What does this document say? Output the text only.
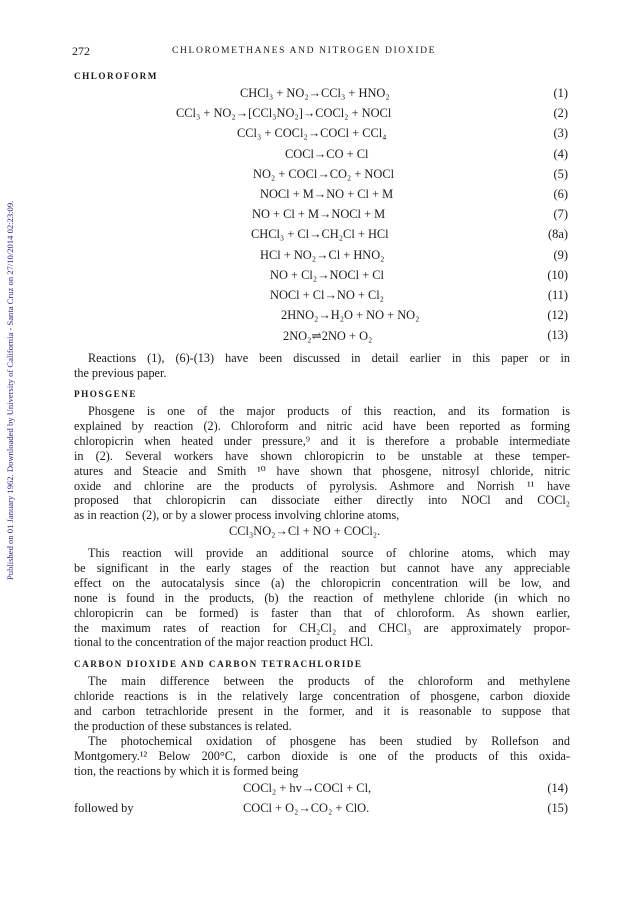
Published on 01 January 1962. Downloaded by University of California - Santa Cruz on 27/10/2014 02:23:09.
272	CHLOROMETHANES AND NITROGEN DIOXIDE
CHLOROFORM
CHCl₃ + NO₂→CCl₃ + HNO₂	(1)
CCl₃ + NO₂→[CCl₃NO₂]→COCl₂ + NOCl	(2)
CCl₃ + COCl₂→COCl + CCl₄	(3)
COCl→CO + Cl	(4)
NO₂ + COCl→CO₂ + NOCl	(5)
NOCl + M→NO + Cl + M	(6)
NO + Cl + M→NOCl + M	(7)
CHCl₃ + Cl→CH₂Cl + HCl	(8a)
HCl + NO₂→Cl + HNO₂	(9)
NO + Cl₂→NOCl + Cl	(10)
NOCl + Cl→NO + Cl₂	(11)
2HNO₂→H₂O + NO + NO₂	(12)
2NO₂⇌2NO + O₂	(13)
Reactions (1), (6)-(13) have been discussed in detail earlier in this paper or in
the previous paper.
PHOSGENE
Phosgene is one of the major products of this reaction, and its formation is
explained by reaction (2). Chloroform and nitric acid have been reported as forming
chloropicrin when heated under pressure,⁹ and it is therefore a probable intermediate
in (2). Several workers have shown chloropicrin to be unstable at these temper-
atures and Steacie and Smith ¹⁰ have shown that phosgene, nitrosyl chloride, nitric
oxide and chlorine are the products of pyrolysis. Ashmore and Norrish ¹¹ have
proposed that chloropicrin can dissociate either directly into NOCl and COCl₂
as in reaction (2), or by a slower process involving chlorine atoms,
CCl₃NO₂→Cl + NO + COCl₂.
This reaction will provide an additional source of chlorine atoms, which may
be significant in the early stages of the reaction but cannot have any appreciable
effect on the autocatalysis since (a) the chloropicrin concentration will be low, and
none is found in the products, (b) the reaction of methylene chloride (in which no
chloropicrin can be formed) is faster than that of chloroform. As shown earlier,
the maximum rates of reaction for CH₂Cl₂ and CHCl₃ are approximately propor-
tional to the concentration of the major reaction product HCl.
CARBON DIOXIDE AND CARBON TETRACHLORIDE
The main difference between the products of the chloroform and methylene
chloride reactions is in the relatively large concentration of phosgene, carbon dioxide
and carbon tetrachloride present in the former, and it is reasonable to suppose that
the production of these substances is related.
The photochemical oxidation of phosgene has been studied by Rollefson and
Montgomery.¹² Below 200°C, carbon dioxide is one of the products of this oxida-
tion, the reactions by which it is formed being
COCl₂ + hv→COCl + Cl,	(14)
followed by	COCl + O₂→CO₂ + ClO.	(15)
